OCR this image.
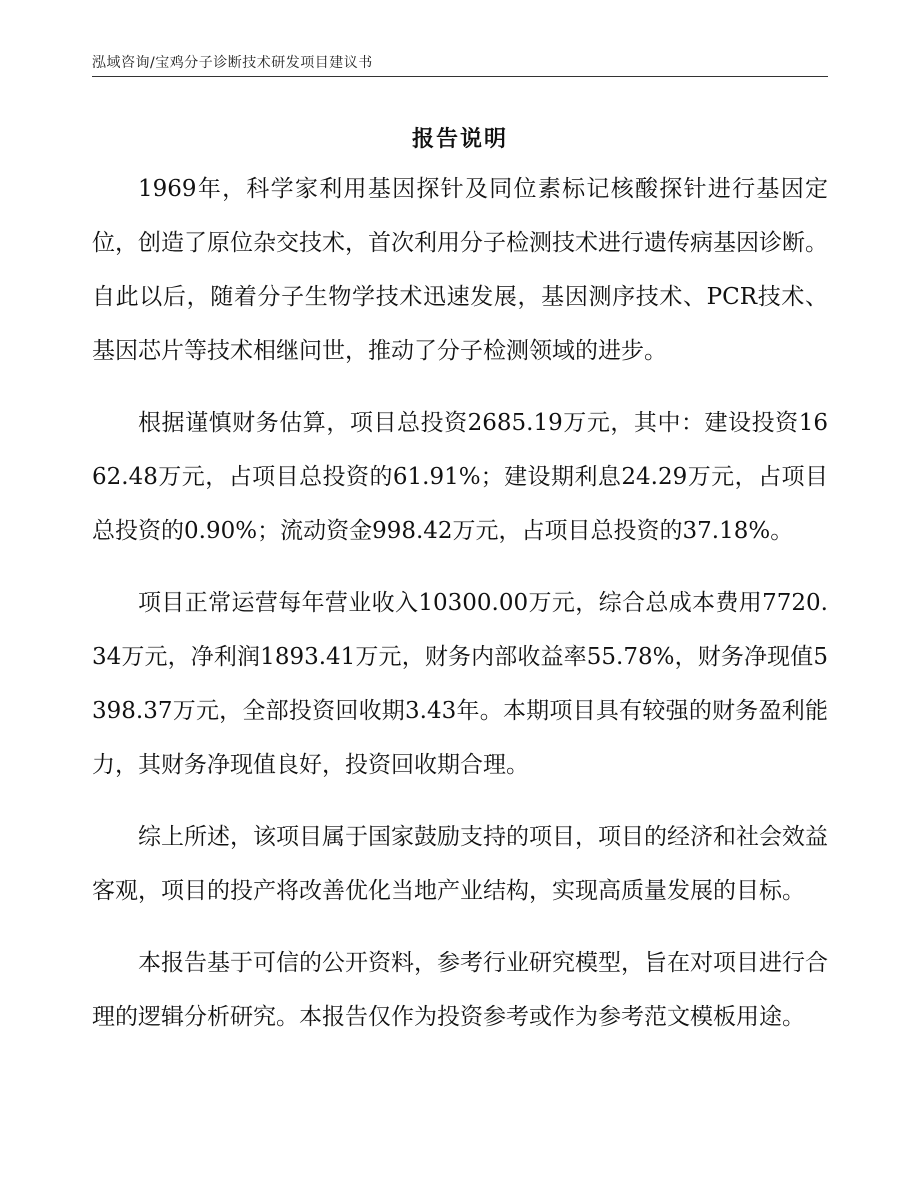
泓域咨询/宝鸡分子诊断技术研发项目建议书
报告说明

1969年，科学家利用基因探针及同位素标记核酸探针进行基因定位，创造了原位杂交技术，首次利用分子检测技术进行遗传病基因诊断。自此以后，随着分子生物学技术迅速发展，基因测序技术、PCR技术、基因芯片等技术相继问世，推动了分子检测领域的进步。

根据谨慎财务估算，项目总投资2685.19万元，其中：建设投资1662.48万元，占项目总投资的61.91%；建设期利息24.29万元，占项目总投资的0.90%；流动资金998.42万元，占项目总投资的37.18%。

项目正常运营每年营业收入10300.00万元，综合总成本费用7720.34万元，净利润1893.41万元，财务内部收益率55.78%，财务净现值5398.37万元，全部投资回收期3.43年。本期项目具有较强的财务盈利能力，其财务净现值良好，投资回收期合理。

综上所述，该项目属于国家鼓励支持的项目，项目的经济和社会效益客观，项目的投产将改善优化当地产业结构，实现高质量发展的目标。

本报告基于可信的公开资料，参考行业研究模型，旨在对项目进行合理的逻辑分析研究。本报告仅作为投资参考或作为参考范文模板用途。
